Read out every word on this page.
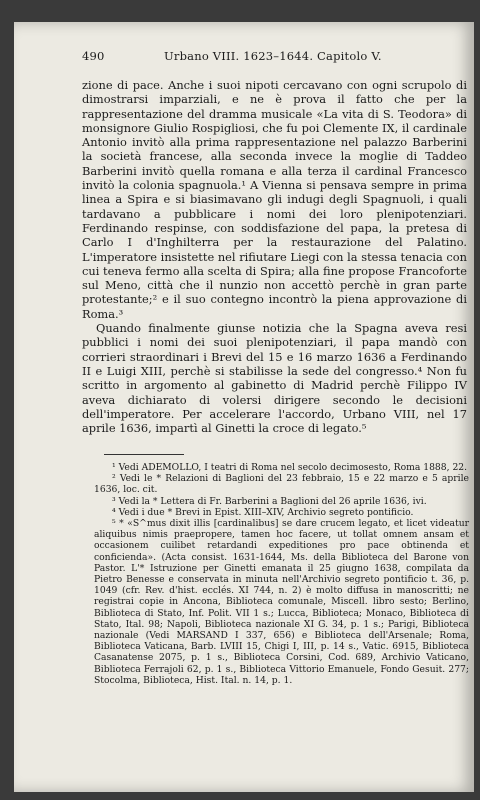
490	Urbano VIII. 1623–1644. Capitolo V.

zione di pace. Anche i suoi nipoti cercavano con ogni scrupolo di dimostrarsi imparziali, e ne è prova il fatto che per la rappresentazione del dramma musicale «La vita di S. Teodora» di monsignore Giulio Rospigliosi, che fu poi Clemente IX, il cardinale Antonio invitò alla prima rappresentazione nel palazzo Barberini la società francese, alla seconda invece la moglie di Taddeo Barberini invitò quella romana e alla terza il cardinal Francesco invitò la colonia spagnuola.¹ A Vienna si pensava sempre in prima linea a Spira e si biasimavano gli indugi degli Spagnuoli, i quali tardavano a pubblicare i nomi dei loro plenipotenziari. Ferdinando respinse, con soddisfazione del papa, la pretesa di Carlo I d'Inghilterra per la restaurazione del Palatino. L'imperatore insistette nel rifiutare Liegi con la stessa tenacia con cui teneva fermo alla scelta di Spira; alla fine propose Francoforte sul Meno, città che il nunzio non accettò perchè in gran parte protestante;² e il suo contegno incontrò la piena approvazione di Roma.³

Quando finalmente giunse notizia che la Spagna aveva resi pubblici i nomi dei suoi plenipotenziari, il papa mandò con corrieri straordinari i Brevi del 15 e 16 marzo 1636 a Ferdinando II e Luigi XIII, perchè si stabilisse la sede del congresso.⁴ Non fu scritto in argomento al gabinetto di Madrid perchè Filippo IV aveva dichiarato di volersi dirigere secondo le decisioni dell'imperatore. Per accelerare l'accordo, Urbano VIII, nel 17 aprile 1636, impartì al Ginetti la croce di legato.⁵

¹ Vedi ADEMOLLO, I teatri di Roma nel secolo decimosesto, Roma 1888, 22.

² Vedi le * Relazioni di Baglioni del 23 febbraio, 15 e 22 marzo e 5 aprile 1636, loc. cit.

³ Vedi la * Lettera di Fr. Barberini a Baglioni del 26 aprile 1636, ivi.

⁴ Vedi i due * Brevi in Epist. XIII–XIV, Archivio segreto pontificio.

⁵ * «S^mus dixit illis [cardinalibus] se dare crucem legato, et licet videatur aliquibus nimis praepropere, tamen hoc facere, ut tollat omnem ansam et occasionem cuilibet retardandi expeditiones pro pace obtinenda et conficienda». (Acta consist. 1631-1644, Ms. della Biblioteca del Barone von Pastor. L'* Istruzione per Ginetti emanata il 25 giugno 1638, compilata da Pietro Benesse e conservata in minuta nell'Archivio segreto pontificio t. 36, p. 1049 (cfr. Rev. d'hist. ecclés. XI 744, n. 2) è molto diffusa in manoscritti; ne registrai copie in Ancona, Biblioteca comunale, Miscell. libro sesto; Berlino, Biblioteca di Stato, Inf. Polit. VII 1 s.; Lucca, Biblioteca; Monaco, Biblioteca di Stato, Ital. 98; Napoli, Biblioteca nazionale XI G. 34, p. 1 s.; Parigi, Biblioteca nazionale (Vedi MARSAND I 337, 656) e Biblioteca dell'Arsenale; Roma, Biblioteca Vaticana, Barb. LVIII 15, Chigi I, III, p. 14 s., Vatic. 6915, Biblioteca Casanatense 2075, p. 1 s., Biblioteca Corsini, Cod. 689, Archivio Vaticano, Biblioteca Ferrajoli 62, p. 1 s., Biblioteca Vittorio Emanuele, Fondo Gesuit. 277; Stocolma, Biblioteca, Hist. Ital. n. 14, p. 1.
